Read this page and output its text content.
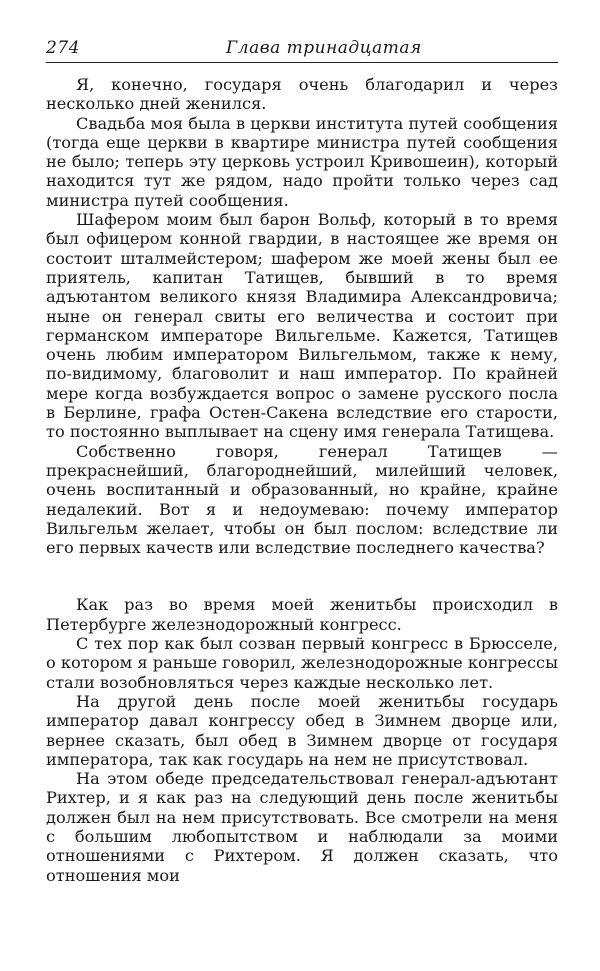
274	Глава тринадцатая

Я, конечно, государя очень благодарил и через несколько дней женился.

Свадьба моя была в церкви института путей сообщения (тогда еще церкви в квартире министра путей сообщения не было; теперь эту церковь устроил Кривошеин), который находится тут же рядом, надо пройти только через сад министра путей сообщения.

Шафером моим был барон Вольф, который в то время был офицером конной гвардии, в настоящее же время он состоит шталмейстером; шафером же моей жены был ее приятель, капитан Татищев, бывший в то время адъютантом великого князя Владимира Александровича; ныне он генерал свиты его величества и состоит при германском императоре Вильгельме. Кажется, Татищев очень любим императором Вильгельмом, также к нему, по-видимому, благоволит и наш император. По крайней мере когда возбуждается вопрос о замене русского посла в Берлине, графа Остен-Сакена вследствие его старости, то постоянно выплывает на сцену имя генерала Татищева.

Собственно говоря, генерал Татищев — прекраснейший, благороднейший, милейший человек, очень воспитанный и образованный, но крайне, крайне недалекий. Вот я и недоумеваю: почему император Вильгельм желает, чтобы он был послом: вследствие ли его первых качеств или вследствие последнего качества?

Как раз во время моей женитьбы происходил в Петербурге железнодорожный конгресс.

С тех пор как был созван первый конгресс в Брюсселе, о котором я раньше говорил, железнодорожные конгрессы стали возобновляться через каждые несколько лет.

На другой день после моей женитьбы государь император давал конгрессу обед в Зимнем дворце или, вернее сказать, был обед в Зимнем дворце от государя императора, так как государь на нем не присутствовал.

На этом обеде председательствовал генерал-адъютант Рихтер, и я как раз на следующий день после женитьбы должен был на нем присутствовать. Все смотрели на меня с большим любопытством и наблюдали за моими отношениями с Рихтером. Я должен сказать, что отношения мои
